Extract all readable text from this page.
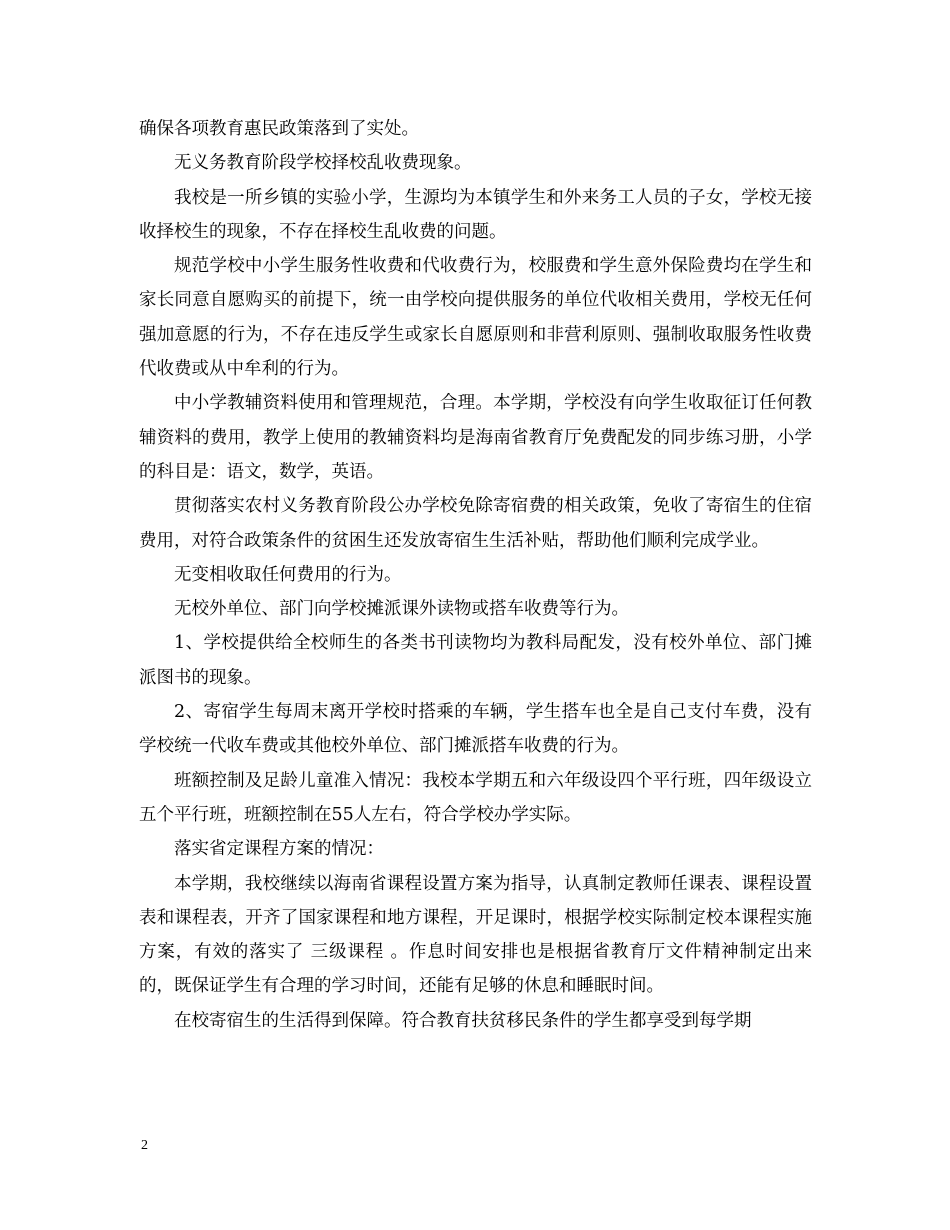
确保各项教育惠民政策落到了实处。

无义务教育阶段学校择校乱收费现象。

我校是一所乡镇的实验小学，生源均为本镇学生和外来务工人员的子女，学校无接收择校生的现象，不存在择校生乱收费的问题。

规范学校中小学生服务性收费和代收费行为，校服费和学生意外保险费均在学生和家长同意自愿购买的前提下，统一由学校向提供服务的单位代收相关费用，学校无任何强加意愿的行为，不存在违反学生或家长自愿原则和非营利原则、强制收取服务性收费代收费或从中牟利的行为。

中小学教辅资料使用和管理规范，合理。本学期，学校没有向学生收取征订任何教辅资料的费用，教学上使用的教辅资料均是海南省教育厅免费配发的同步练习册，小学的科目是：语文，数学，英语。

贯彻落实农村义务教育阶段公办学校免除寄宿费的相关政策，免收了寄宿生的住宿费用，对符合政策条件的贫困生还发放寄宿生生活补贴，帮助他们顺利完成学业。

无变相收取任何费用的行为。

无校外单位、部门向学校摊派课外读物或搭车收费等行为。

1、学校提供给全校师生的各类书刊读物均为教科局配发，没有校外单位、部门摊派图书的现象。

2、寄宿学生每周末离开学校时搭乘的车辆，学生搭车也全是自己支付车费，没有学校统一代收车费或其他校外单位、部门摊派搭车收费的行为。

班额控制及足龄儿童准入情况：我校本学期五和六年级设四个平行班，四年级设立五个平行班，班额控制在55人左右，符合学校办学实际。

落实省定课程方案的情况：

本学期，我校继续以海南省课程设置方案为指导，认真制定教师任课表、课程设置表和课程表，开齐了国家课程和地方课程，开足课时，根据学校实际制定校本课程实施方案，有效的落实了 三级课程 。作息时间安排也是根据省教育厅文件精神制定出来的，既保证学生有合理的学习时间，还能有足够的休息和睡眠时间。

在校寄宿生的生活得到保障。符合教育扶贫移民条件的学生都享受到每学期

2
